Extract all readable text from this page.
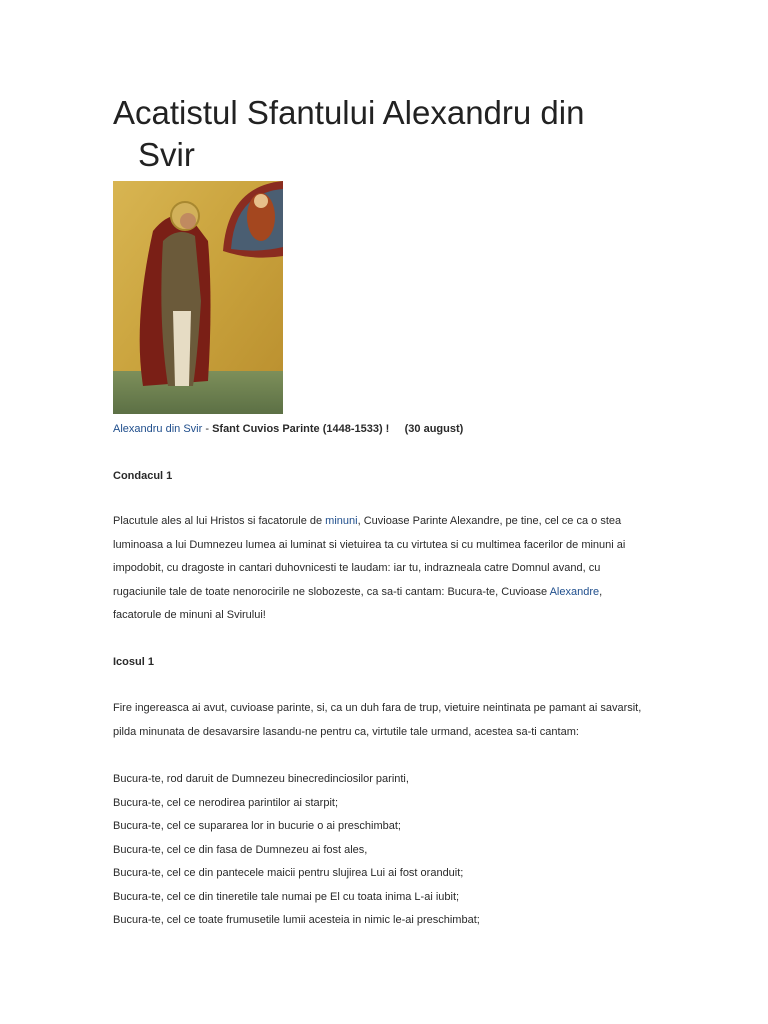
Acatistul Sfantului Alexandru din
Svir
Alexandru din Svir - Sfant Cuvios Parinte (1448-1533) ! (30 august)
Condacul 1
Placutule ales al lui Hristos si facatorule de minuni, Cuvioase Parinte Alexandre, pe tine, cel ce ca o stea luminoasa a lui Dumnezeu lumea ai luminat si vietuirea ta cu virtutea si cu multimea facerilor de minuni ai impodobit, cu dragoste in cantari duhovnicesti te laudam: iar tu, indrazneala catre Domnul avand, cu rugaciunile tale de toate nenorocirile ne slobozeste, ca sa-ti cantam: Bucura-te, Cuvioase Alexandre, facatorule de minuni al Svirului!
Icosul 1
Fire ingereasca ai avut, cuvioase parinte, si, ca un duh fara de trup, vietuire neintinata pe pamant ai savarsit, pilda minunata de desavarsire lasandu-ne pentru ca, virtutile tale urmand, acestea sa-ti cantam:
Bucura-te, rod daruit de Dumnezeu binecredinciosilor parinti,
Bucura-te, cel ce nerodirea parintilor ai starpit;
Bucura-te, cel ce supararea lor in bucurie o ai preschimbat;
Bucura-te, cel ce din fasa de Dumnezeu ai fost ales,
Bucura-te, cel ce din pantecele maicii pentru slujirea Lui ai fost oranduit;
Bucura-te, cel ce din tineretile tale numai pe El cu toata inima L-ai iubit;
Bucura-te, cel ce toate frumusetile lumii acesteia in nimic le-ai preschimbat;
